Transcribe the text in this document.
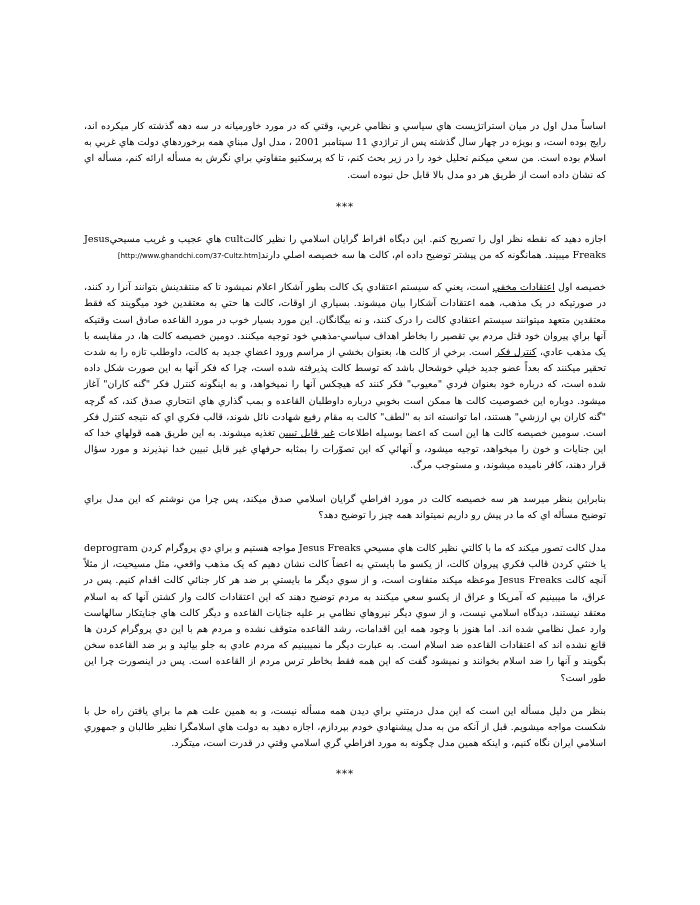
اساساً مدل اول در ميان استراتژيست هاي سياسي و نظامي غربي، وقتي كه در مورد خاورميانه در سه دهه گذشته كار ميكرده اند، رايج بوده است، و بويژه در چهار سال گذشته پس از تراژدي 11 سپتامبر 2001 ، مدل اول مبناي همه برخوردهاي دولت هاي غربي به اسلام بوده است. من سعي ميكنم تحليل خود را در زير بحث كنم، تا كه پرسكتيو متفاوتي براي نگرش به مسأله ارائه كنم، مسأله اي كه نشان داده است از طريق هر دو مدل بالا قابل حل نبوده است.

***

اجازه دهيد كه نقطه نظر اول را تصريح كنم. اين ديگاه افراط گرايان اسلامي را نظير كالتcult هاي عجيب و غريب مسيحيJesus Freaks ميبيند. همانگونه كه من پيشتر توضيح داده ام، كالت ها سه خصيصه اصلي دارند[http://www.ghandchi.com/37-Cultz.htm]

خصيصه اول اعتقادات مخفي است، يعني كه سيستم اعتقادي يک كالت بطور آشكار اعلام نميشود تا كه منتقدينش بتوانند آنرا رد كنند، در صورتيكه در يک مذهب، همه اعتقادات آشكارا بيان ميشوند. بسياري از اوقات، كالت ها حتي به معتقدين خود ميگويند كه فقط معتقدين متعهد ميتوانند سيستم اعتقادي كالت را درک كنند، و نه بيگانگان. اين مورد بسيار خوب در مورد القاعده صادق است وقتيكه آنها براي پيروان خود قتل مردم بي تقصير را بخاطر اهداف سياسي-مذهبي خود توجيه ميكنند. دومين خصيصه كالت ها، در مقايسه با يک مذهب عادي، كنترل فكر است. برخي از كالت ها، بعنوان بخشي از مراسم ورود اعضاي جديد به كالت، داوطلب تازه را به شدت تحقير ميكنند كه بعداً عضو جديد خيلي خوشحال باشد كه توسط كالت پذيرفته شده است، چرا كه فكر آنها به اين صورت شكل داده شده است، كه درباره خود بعنوان فردي "معيوب" فكر كنند كه هيچكس آنها را نميخواهد، و به اينگونه كنترل فكر "گنه كاران" آغاز ميشود. دوباره اين خصوصيت كالت ها ممكن است بخوبي درباره داوطلبان القاعده و بمب گذاري هاي انتحاري صدق كند، كه گرچه "گنه كاران بي ارزشي" هستند، اما توانسته اند به "لطف" كالت به مقام رفيع شهادت نائل شوند، قالب فكري اي كه نتيجه كنترل فكر است. سومين خصيصه كالت ها اين است كه اعضا بوسيله اطلاعات غير قابل تبيين تغذيه ميشوند. به اين طريق همه قولهاي خدا كه اين جنايات و خون را ميخواهد، توجيه ميشود، و آنهائي كه اين تصوّرات را بمثابه حرفهاي غير قابل تبيين خدا نپذيرند و مورد سؤال قرار دهند، كافر ناميده ميشوند، و مستوجب مرگ.

بنابراين بنظر ميرسد هر سه خصيصه كالت در مورد افراطي گرايان اسلامي صدق ميكند، پس چرا من نوشتم كه اين مدل براي توضيح مسأله اي كه ما در پيش رو داريم نميتواند همه چيز را توضيح دهد؟

مدل كالت تصور ميكند كه ما با كالتي نظير كالت هاي مسيحي Jesus Freaks مواجه هستيم و براي دي پروگرام كردن deprogram يا خنثي كردن قالب فكري پيروان كالت، از يكسو ما بايستي به اعضاً كالت نشان دهيم كه يک مذهب واقعي، مثل مسيحيت، از مثلاً آنچه كالت Jesus Freaks موعظه ميكند متفاوت است، و از سوي ديگر ما بايستي بر ضد هر كار جنائي كالت اقدام كنيم. پس در عراق، ما ميبينيم كه آمريكا و عراق از يكسو سعي ميكنند به مردم توضيح دهند كه اين اعتقادات كالت وار كشتن آنها كه به اسلام معتقد نيستند، ديدگاه اسلامي نيست، و از سوي ديگر نيروهاي نظامي بر عليه جنايات القاعده و ديگر كالت هاي جنايتكار سالهاست وارد عمل نظامي شده اند. اما هنوز با وجود همه اين اقدامات، رشد القاعده متوقف نشده و مردم هم با اين دي پروگرام كردن ها قانع نشده اند كه اعتقادات القاعده ضد اسلام است. به عبارت ديگر ما نميبينيم كه مردم عادي به جلو بيائيد و بر ضد القاعده سخن بگويند و آنها را ضد اسلام بخوانند و نميشود گفت كه اين همه فقط بخاطر ترس مردم از القاعده است. پس در اينصورت چرا اين طور است؟

بنظر من دليل مسأله اين است كه اين مدل درمتني براي ديدن همه مسأله نيست، و به همين علت هم ما براي يافتن راه حل با شكست مواجه ميشويم. قبل از آنكه من به مدل پيشنهادي خودم بپردازم، اجازه دهيد به دولت هاي اسلامگرا نظير طالبان و جمهوري اسلامي ايران نگاه كنيم، و اينكه همين مدل چگونه به مورد افراطي گري اسلامي وقتي در قدرت است، ميتگرد.

***
